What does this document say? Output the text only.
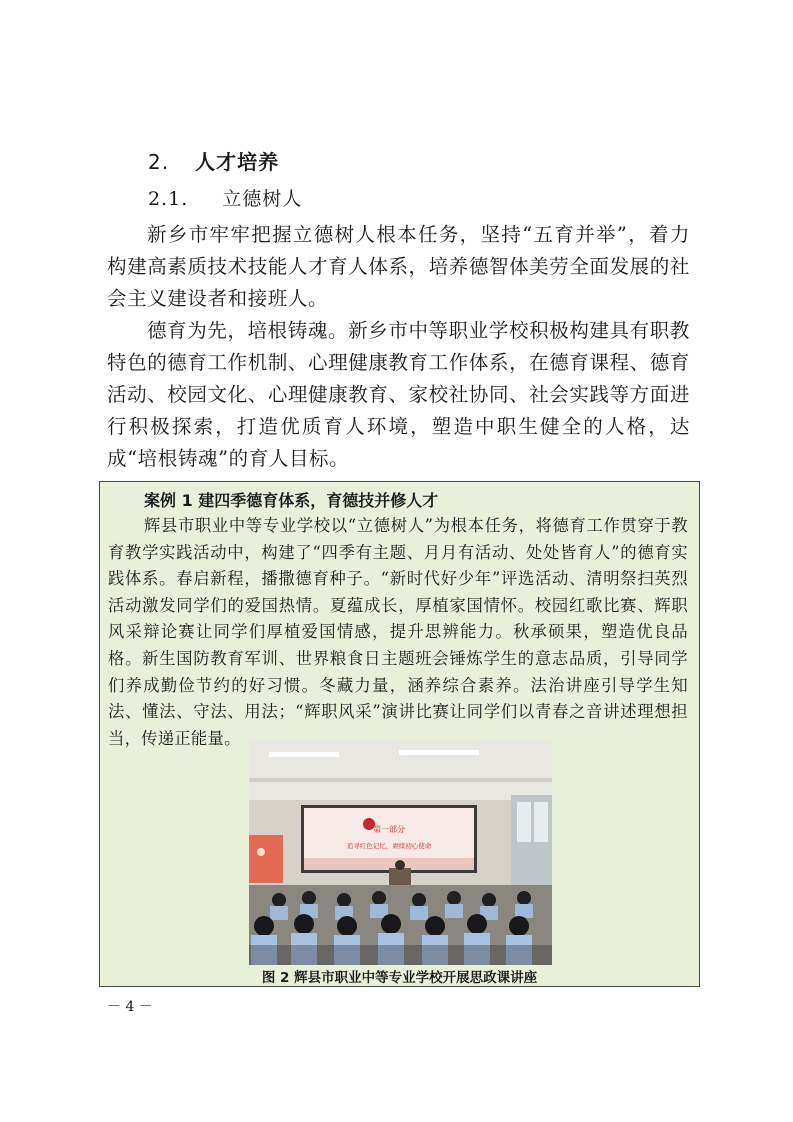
2. 人才培养
2.1. 立德树人

新乡市牢牢把握立德树人根本任务，坚持“五育并举”，着力构建高素质技术技能人才育人体系，培养德智体美劳全面发展的社会主义建设者和接班人。

德育为先，培根铸魂。新乡市中等职业学校积极构建具有职教特色的德育工作机制、心理健康教育工作体系，在德育课程、德育活动、校园文化、心理健康教育、家校社协同、社会实践等方面进行积极探索，打造优质育人环境，塑造中职生健全的人格，达成“培根铸魂”的育人目标。

案例 1 建四季德育体系，育德技并修人才

辉县市职业中等专业学校以“立德树人”为根本任务，将德育工作贯穿于教育教学实践活动中，构建了“四季有主题、月月有活动、处处皆育人”的德育实践体系。春启新程，播撒德育种子。“新时代好少年”评选活动、清明祭扫英烈活动激发同学们的爱国热情。夏蕴成长，厚植家国情怀。校园红歌比赛、辉职风采辩论赛让同学们厚植爱国情感，提升思辨能力。秋承硕果，塑造优良品格。新生国防教育军训、世界粮食日主题班会锤炼学生的意志品质，引导同学们养成勤俭节约的好习惯。冬藏力量，涵养综合素养。法治讲座引导学生知法、懂法、守法、用法；“辉职风采”演讲比赛让同学们以青春之音讲述理想担当，传递正能量。

第一部分
追寻红色记忆，赓续初心使命
图 2 辉县市职业中等专业学校开展思政课讲座
－ 4 －
